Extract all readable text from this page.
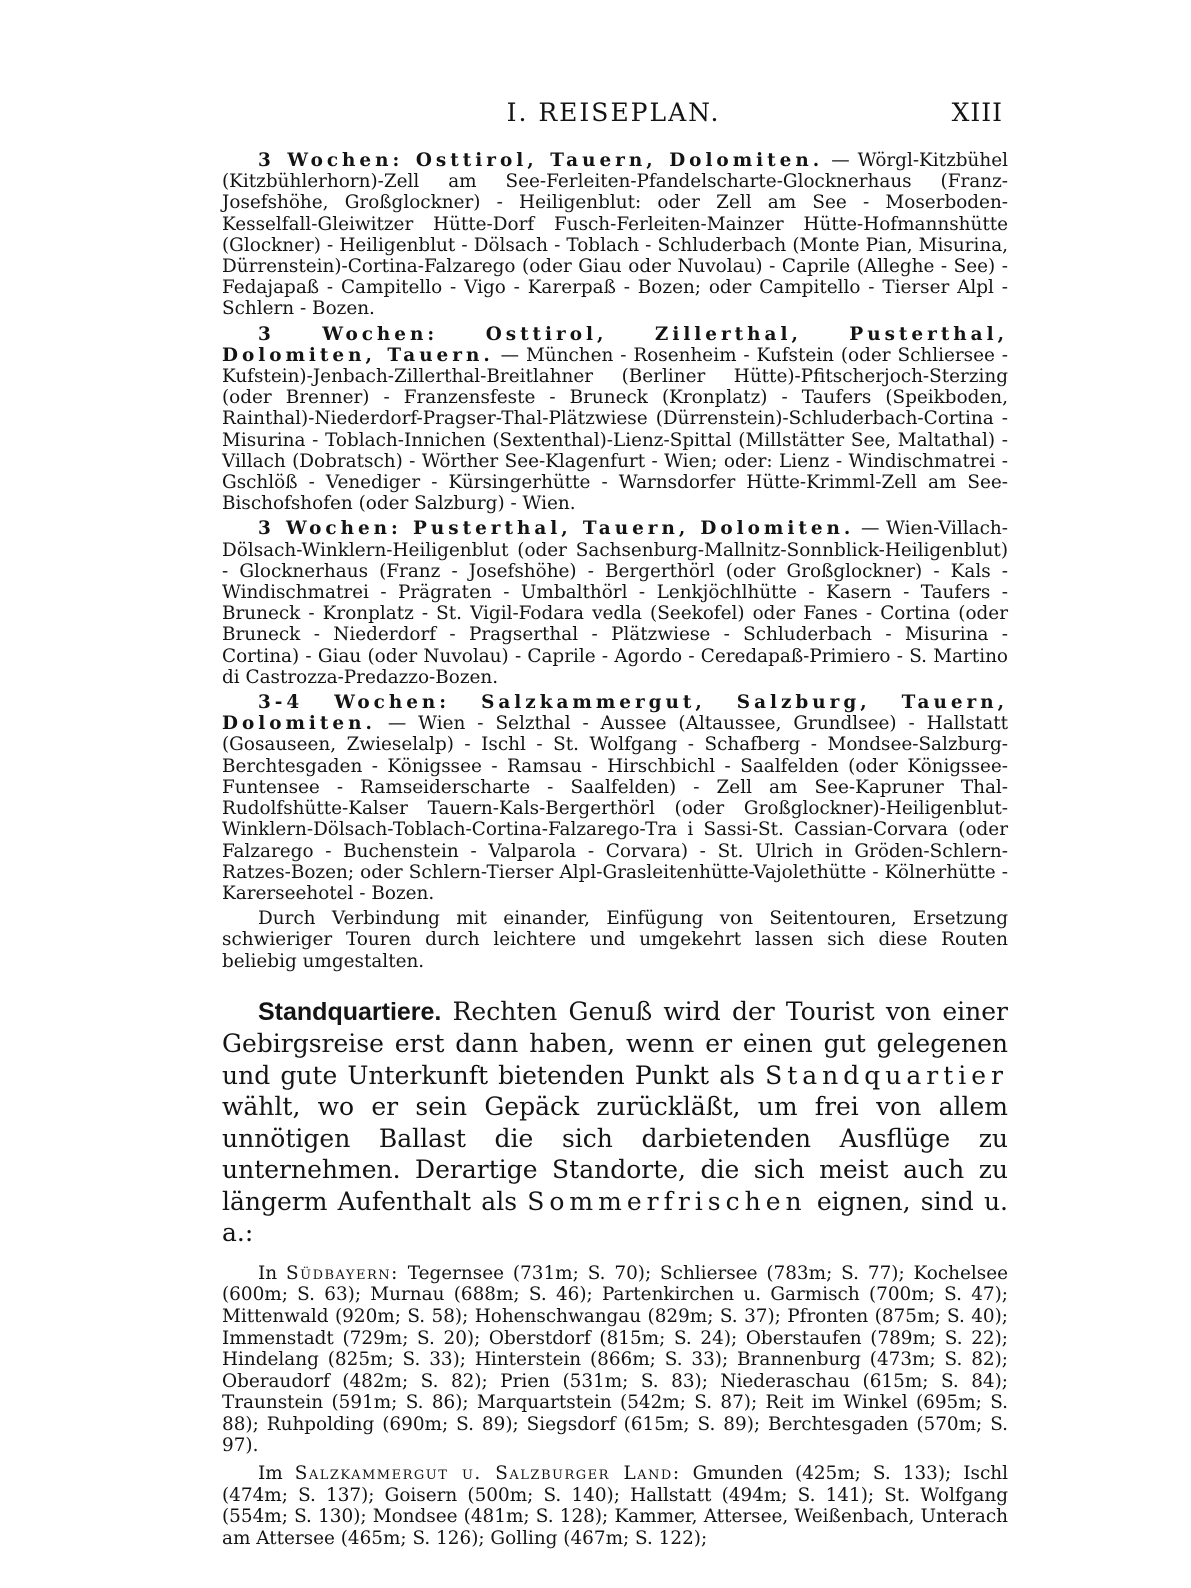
I. REISEPLAN.	XIII

3 Wochen: Osttirol, Tauern, Dolomiten. — Wörgl-Kitzbühel (Kitzbühlerhorn)-Zell am See-Ferleiten-Pfandelscharte-Glocknerhaus (Franz-Josefshöhe, Großglockner) - Heiligenblut: oder Zell am See - Moserboden-Kesselfall-Gleiwitzer Hütte-Dorf Fusch-Ferleiten-Mainzer Hütte-Hofmannshütte (Glockner) - Heiligenblut - Dölsach - Toblach - Schluderbach (Monte Pian, Misurina, Dürrenstein)-Cortina-Falzarego (oder Giau oder Nuvolau) - Caprile (Alleghe - See) - Fedajapaß - Campitello - Vigo - Karerpaß - Bozen; oder Campitello - Tierser Alpl - Schlern - Bozen.

3 Wochen: Osttirol, Zillerthal, Pusterthal, Dolomiten, Tauern. — München - Rosenheim - Kufstein (oder Schliersee - Kufstein)-Jenbach-Zillerthal-Breitlahner (Berliner Hütte)-Pfitscherjoch-Sterzing (oder Brenner) - Franzensfeste - Bruneck (Kronplatz) - Taufers (Speikboden, Rainthal)-Niederdorf-Pragser-Thal-Plätzwiese (Dürrenstein)-Schluderbach-Cortina - Misurina - Toblach-Innichen (Sextenthal)-Lienz-Spittal (Millstätter See, Maltathal) - Villach (Dobratsch) - Wörther See-Klagenfurt - Wien; oder: Lienz - Windischmatrei - Gschlöß - Venediger - Kürsingerhütte - Warnsdorfer Hütte-Krimml-Zell am See-Bischofshofen (oder Salzburg) - Wien.

3 Wochen: Pusterthal, Tauern, Dolomiten. — Wien-Villach-Dölsach-Winklern-Heiligenblut (oder Sachsenburg-Mallnitz-Sonnblick-Heiligenblut) - Glocknerhaus (Franz - Josefshöhe) - Bergerthörl (oder Großglockner) - Kals - Windischmatrei - Prägraten - Umbalthörl - Lenkjöchlhütte - Kasern - Taufers - Bruneck - Kronplatz - St. Vigil-Fodara vedla (Seekofel) oder Fanes - Cortina (oder Bruneck - Niederdorf - Pragserthal - Plätzwiese - Schluderbach - Misurina - Cortina) - Giau (oder Nuvolau) - Caprile - Agordo - Ceredapaß-Primiero - S. Martino di Castrozza-Predazzo-Bozen.

3-4 Wochen: Salzkammergut, Salzburg, Tauern, Dolomiten. — Wien - Selzthal - Aussee (Altaussee, Grundlsee) - Hallstatt (Gosauseen, Zwieselalp) - Ischl - St. Wolfgang - Schafberg - Mondsee-Salzburg-Berchtesgaden - Königssee - Ramsau - Hirschbichl - Saalfelden (oder Königssee-Funtensee - Ramseiderscharte - Saalfelden) - Zell am See-Kapruner Thal-Rudolfshütte-Kalser Tauern-Kals-Bergerthörl (oder Großglockner)-Heiligenblut-Winklern-Dölsach-Toblach-Cortina-Falzarego-Tra i Sassi-St. Cassian-Corvara (oder Falzarego - Buchenstein - Valparola - Corvara) - St. Ulrich in Gröden-Schlern-Ratzes-Bozen; oder Schlern-Tierser Alpl-Grasleitenhütte-Vajolethütte - Kölnerhütte - Karerseehotel - Bozen.

Durch Verbindung mit einander, Einfügung von Seitentouren, Ersetzung schwieriger Touren durch leichtere und umgekehrt lassen sich diese Routen beliebig umgestalten.

Standquartiere. Rechten Genuß wird der Tourist von einer Gebirgsreise erst dann haben, wenn er einen gut gelegenen und gute Unterkunft bietenden Punkt als Standquartier wählt, wo er sein Gepäck zurückläßt, um frei von allem unnötigen Ballast die sich darbietenden Ausflüge zu unternehmen. Derartige Standorte, die sich meist auch zu längerm Aufenthalt als Sommerfrischen eignen, sind u. a.:

In Südbayern: Tegernsee (731m; S. 70); Schliersee (783m; S. 77); Kochelsee (600m; S. 63); Murnau (688m; S. 46); Partenkirchen u. Garmisch (700m; S. 47); Mittenwald (920m; S. 58); Hohenschwangau (829m; S. 37); Pfronten (875m; S. 40); Immenstadt (729m; S. 20); Oberstdorf (815m; S. 24); Oberstaufen (789m; S. 22); Hindelang (825m; S. 33); Hinterstein (866m; S. 33); Brannenburg (473m; S. 82); Oberaudorf (482m; S. 82); Prien (531m; S. 83); Niederaschau (615m; S. 84); Traunstein (591m; S. 86); Marquartstein (542m; S. 87); Reit im Winkel (695m; S. 88); Ruhpolding (690m; S. 89); Siegsdorf (615m; S. 89); Berchtesgaden (570m; S. 97).

Im Salzkammergut u. Salzburger Land: Gmunden (425m; S. 133); Ischl (474m; S. 137); Goisern (500m; S. 140); Hallstatt (494m; S. 141); St. Wolfgang (554m; S. 130); Mondsee (481m; S. 128); Kammer, Attersee, Weißenbach, Unterach am Attersee (465m; S. 126); Golling (467m; S. 122);
